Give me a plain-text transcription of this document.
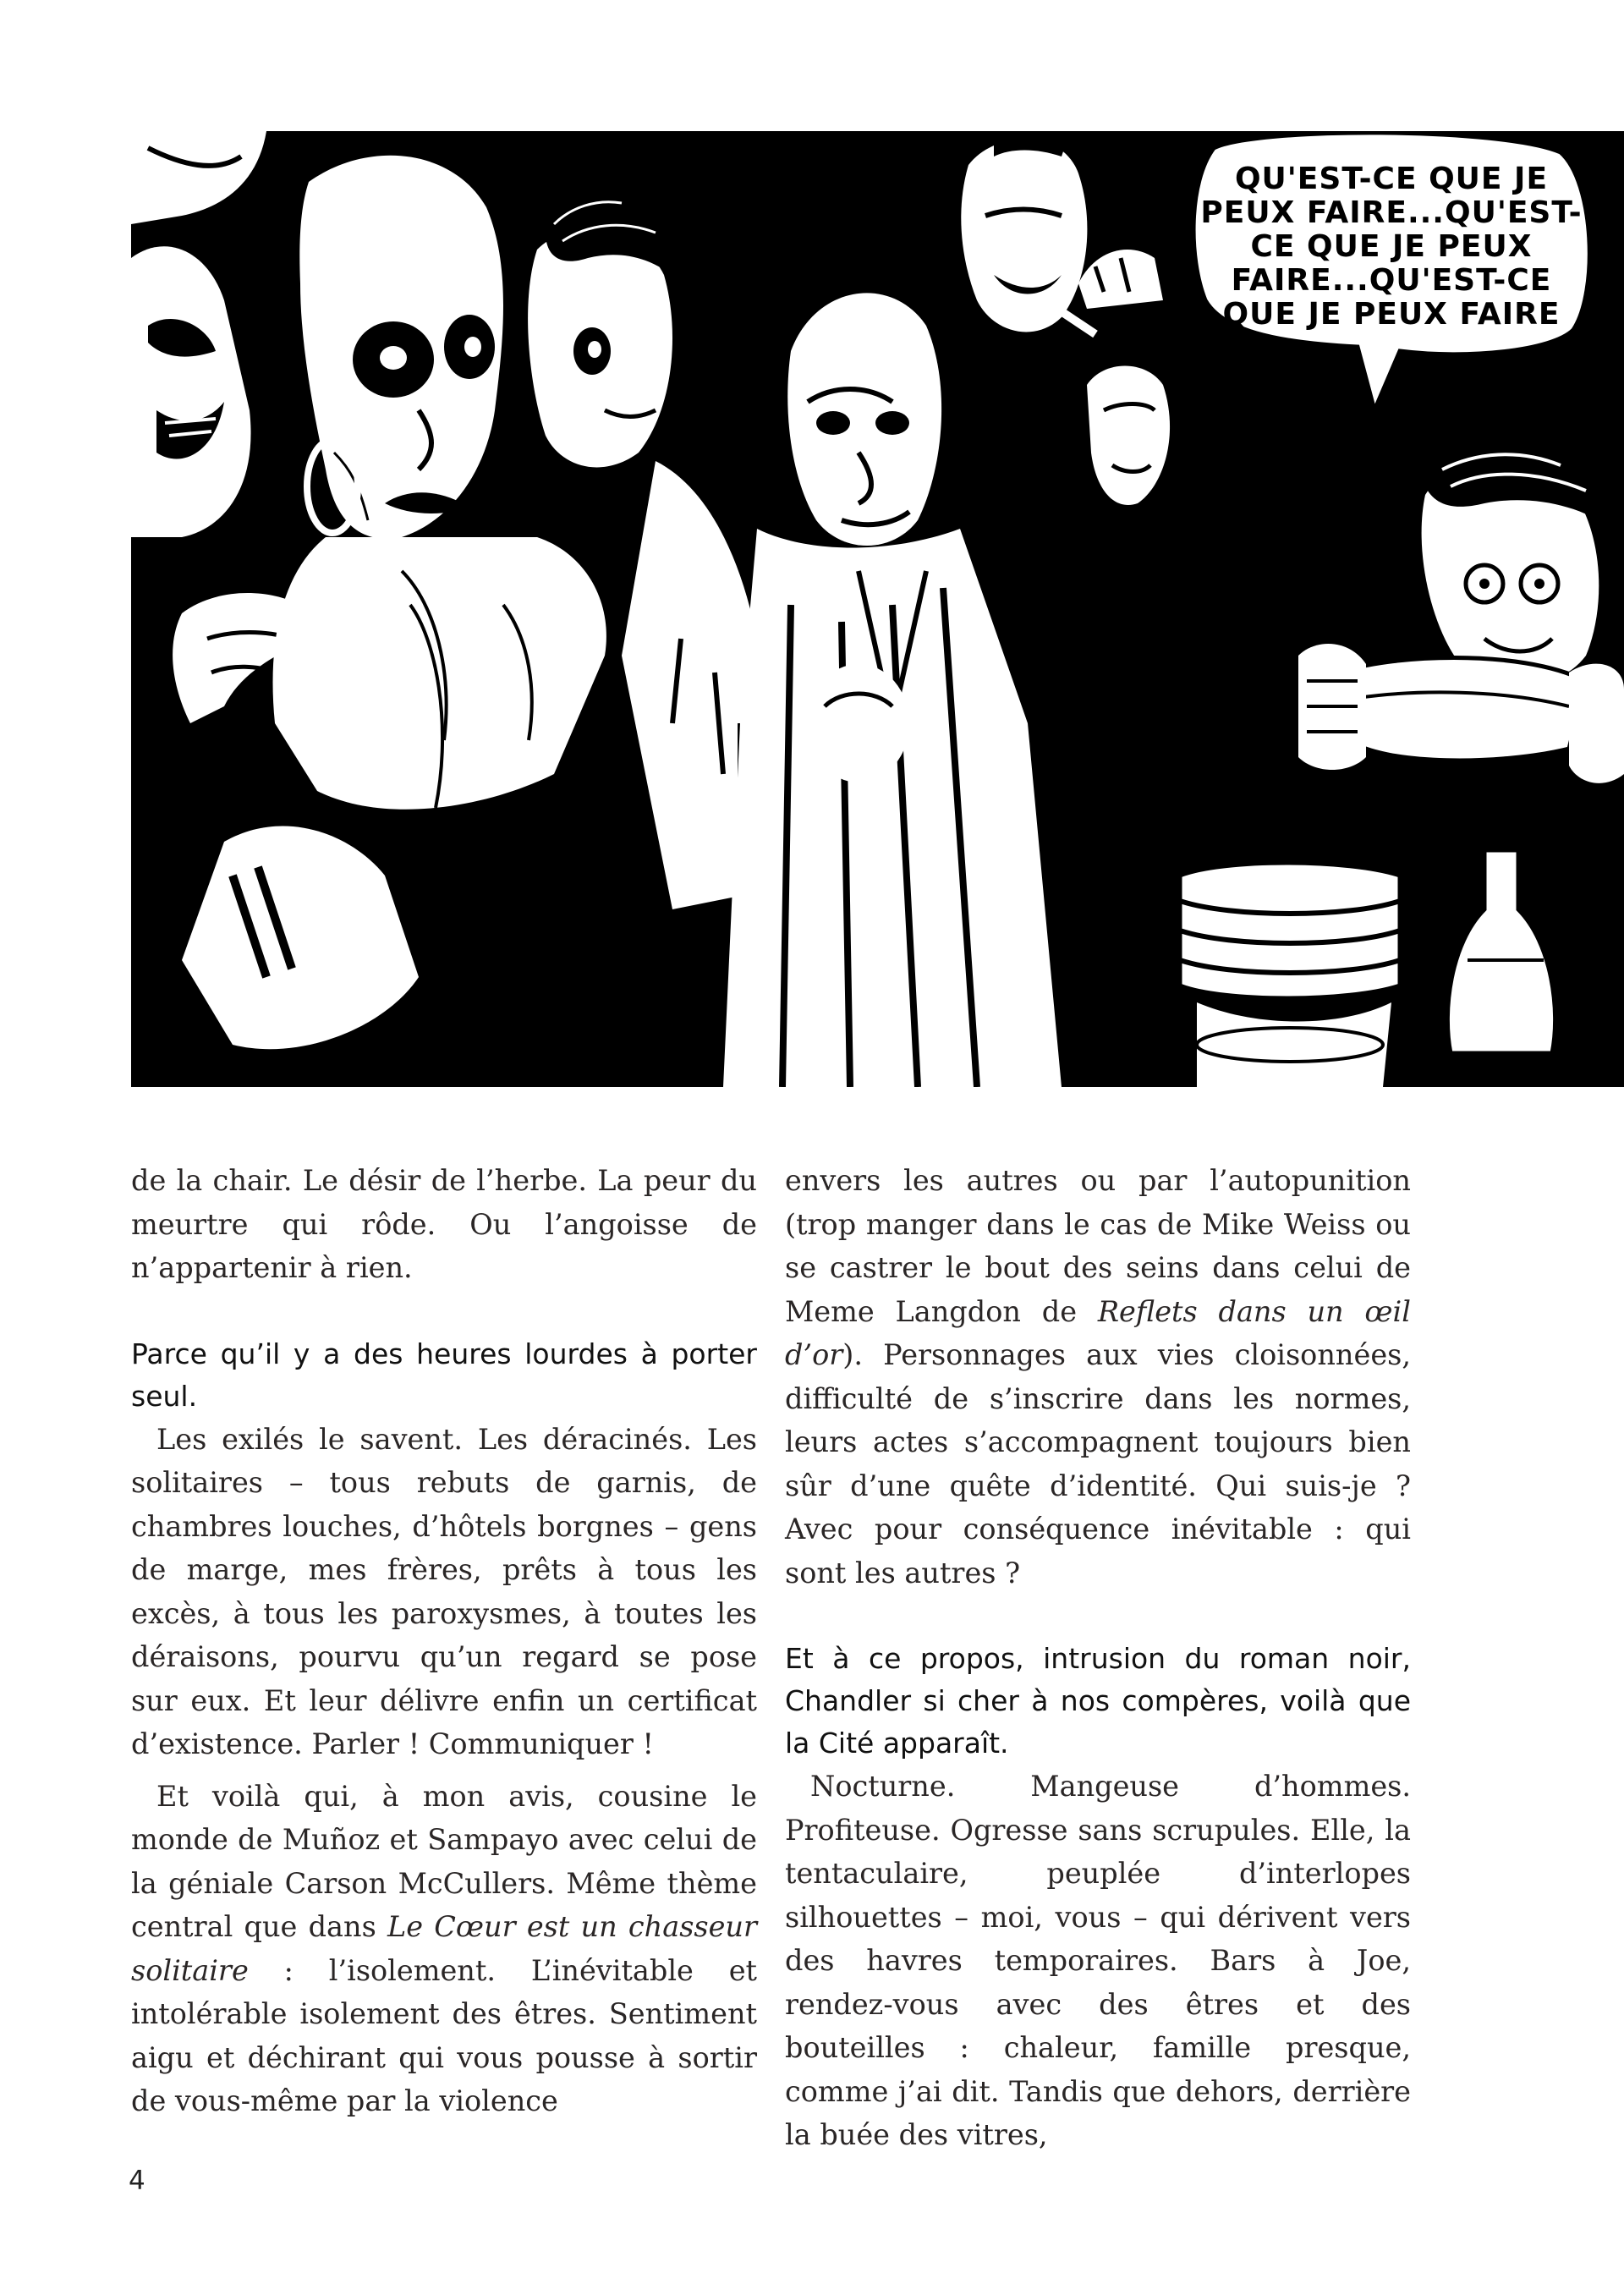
QU'EST-CE QUE JE
PEUX FAIRE...QU'EST-
CE QUE JE PEUX
FAIRE...QU'EST-CE
QUE JE PEUX FAIRE

de la chair. Le désir de l’herbe. La peur du meurtre qui rôde. Ou l’angoisse de n’appartenir à rien.

Parce qu’il y a des heures lourdes à porter seul.

Les exilés le savent. Les déracinés. Les solitaires – tous rebuts de garnis, de chambres louches, d’hôtels borgnes – gens de marge, mes frères, prêts à tous les excès, à tous les paroxysmes, à toutes les déraisons, pourvu qu’un regard se pose sur eux. Et leur délivre enfin un certificat d’existence. Parler ! Communiquer !

Et voilà qui, à mon avis, cousine le monde de Muñoz et Sampayo avec celui de la géniale Carson McCullers. Même thème central que dans Le Cœur est un chasseur solitaire : l’isolement. L’inévitable et intolérable isolement des êtres. Sentiment aigu et déchirant qui vous pousse à sortir de vous-même par la violence

envers les autres ou par l’autopunition (trop manger dans le cas de Mike Weiss ou se castrer le bout des seins dans celui de Meme Langdon de Reflets dans un œil d’or). Personnages aux vies cloisonnées, difficulté de s’inscrire dans les normes, leurs actes s’accompagnent toujours bien sûr d’une quête d’identité. Qui suis-je ? Avec pour conséquence inévitable : qui sont les autres ?

Et à ce propos, intrusion du roman noir, Chandler si cher à nos compères, voilà que la Cité apparaît.

Nocturne. Mangeuse d’hommes. Profiteuse. Ogresse sans scrupules. Elle, la tentaculaire, peuplée d’interlopes silhouettes – moi, vous – qui dérivent vers des havres temporaires. Bars à Joe, rendez-vous avec des êtres et des bouteilles : chaleur, famille presque, comme j’ai dit. Tandis que dehors, derrière la buée des vitres,

4
